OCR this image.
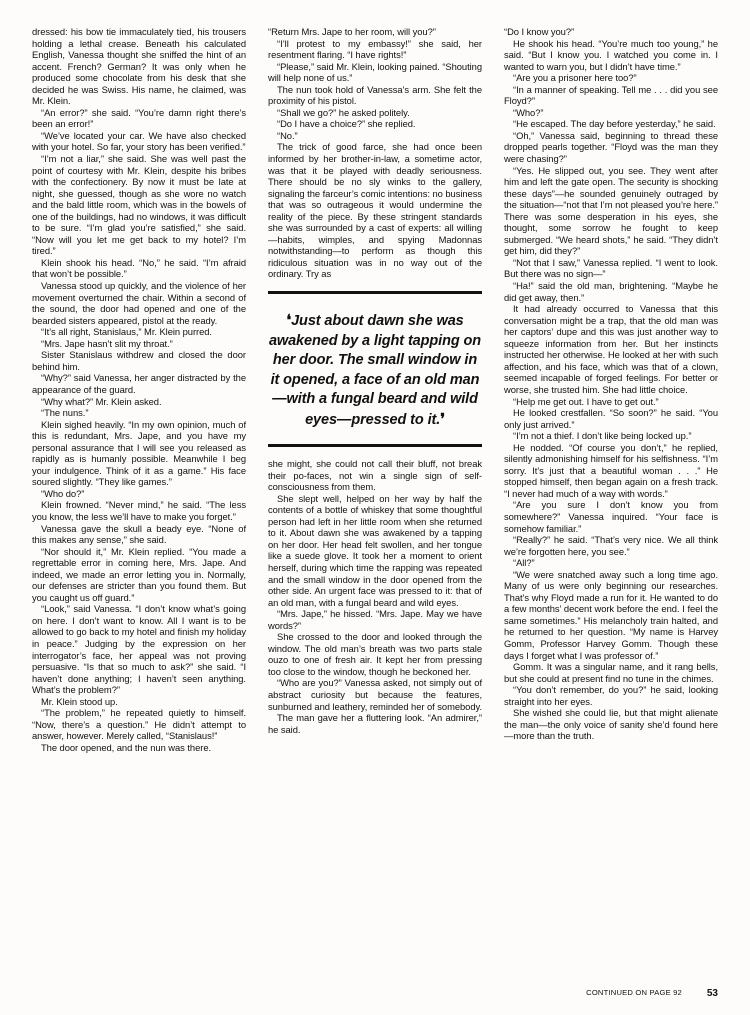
dressed: his bow tie immaculately tied, his trousers holding a lethal crease. Beneath his calculated English, Vanessa thought she sniffed the hint of an accent. French? German? It was only when he produced some chocolate from his desk that she decided he was Swiss. His name, he claimed, was Mr. Klein.

“An error?” she said. “You’re damn right there’s been an error!”

“We’ve located your car. We have also checked with your hotel. So far, your story has been verified.”

“I’m not a liar,” she said. She was well past the point of courtesy with Mr. Klein, despite his bribes with the confectionery. By now it must be late at night, she guessed, though as she wore no watch and the bald little room, which was in the bowels of one of the buildings, had no windows, it was difficult to be sure. “I’m glad you’re satisfied,” she said. “Now will you let me get back to my hotel? I’m tired.”

Klein shook his head. “No,” he said. “I’m afraid that won’t be possible.”

Vanessa stood up quickly, and the violence of her movement overturned the chair. Within a second of the sound, the door had opened and one of the bearded sisters appeared, pistol at the ready.

“It’s all right, Stanislaus,” Mr. Klein purred.

“Mrs. Jape hasn’t slit my throat.”

Sister Stanislaus withdrew and closed the door behind him.

“Why?” said Vanessa, her anger distracted by the appearance of the guard.

“Why what?” Mr. Klein asked.

“The nuns.”

Klein sighed heavily. “In my own opinion, much of this is redundant, Mrs. Jape, and you have my personal assurance that I will see you released as rapidly as is humanly possible. Meanwhile I beg your indulgence. Think of it as a game.” His face soured slightly. “They like games.”

“Who do?”

Klein frowned. “Never mind,” he said. “The less you know, the less we’ll have to make you forget.”

Vanessa gave the skull a beady eye. “None of this makes any sense,” she said.

“Nor should it,” Mr. Klein replied. “You made a regrettable error in coming here, Mrs. Jape. And indeed, we made an error letting you in. Normally, our defenses are stricter than you found them. But you caught us off guard.”

“Look,” said Vanessa. “I don’t know what’s going on here. I don’t want to know. All I want is to be allowed to go back to my hotel and finish my holiday in peace.” Judging by the expression on her interrogator’s face, her appeal was not proving persuasive. “Is that so much to ask?” she said. “I haven’t done anything; I haven’t seen anything. What’s the problem?”

Mr. Klein stood up.

“The problem,” he repeated quietly to himself. “Now, there’s a question.” He didn’t attempt to answer, however. Merely called, “Stanislaus!”

The door opened, and the nun was there.

“Return Mrs. Jape to her room, will you?”

“I’ll protest to my embassy!” she said, her resentment flaring. “I have rights!”

“Please,” said Mr. Klein, looking pained. “Shouting will help none of us.”

The nun took hold of Vanessa’s arm. She felt the proximity of his pistol.

“Shall we go?” he asked politely.

“Do I have a choice?” she replied.

“No.”

The trick of good farce, she had once been informed by her brother-in-law, a sometime actor, was that it be played with deadly seriousness. There should be no sly winks to the gallery, signaling the farceur’s comic intentions: no business that was so outrageous it would undermine the reality of the piece. By these stringent standards she was surrounded by a cast of experts: all willing—habits, wimples, and spying Madonnas notwithstanding—to perform as though this ridiculous situation was in no way out of the ordinary. Try as

❛Just about dawn she was awakened by a light tapping on her door. The small window in it opened, a face of an old man—with a fungal beard and wild eyes—pressed to it.❜

she might, she could not call their bluff, not break their po-faces, not win a single sign of self-consciousness from them.

She slept well, helped on her way by half the contents of a bottle of whiskey that some thoughtful person had left in her little room when she returned to it. About dawn she was awakened by a tapping on her door. Her head felt swollen, and her tongue like a suede glove. It took her a moment to orient herself, during which time the rapping was repeated and the small window in the door opened from the other side. An urgent face was pressed to it: that of an old man, with a fungal beard and wild eyes.

“Mrs. Jape,” he hissed. “Mrs. Jape. May we have words?”

She crossed to the door and looked through the window. The old man’s breath was two parts stale ouzo to one of fresh air. It kept her from pressing too close to the window, though he beckoned her.

“Who are you?” Vanessa asked, not simply out of abstract curiosity but because the features, sunburned and leathery, reminded her of somebody.

The man gave her a fluttering look. “An admirer,” he said.

“Do I know you?”

He shook his head. “You’re much too young,” he said. “But I know you. I watched you come in. I wanted to warn you, but I didn’t have time.”

“Are you a prisoner here too?”

“In a manner of speaking. Tell me . . . did you see Floyd?”

“Who?”

“He escaped. The day before yesterday,” he said.

“Oh,” Vanessa said, beginning to thread these dropped pearls together. “Floyd was the man they were chasing?”

“Yes. He slipped out, you see. They went after him and left the gate open. The security is shocking these days”—he sounded genuinely outraged by the situation—“not that I’m not pleased you’re here.” There was some desperation in his eyes, she thought, some sorrow he fought to keep submerged. “We heard shots,” he said. “They didn’t get him, did they?”

“Not that I saw,” Vanessa replied. “I went to look. But there was no sign—”

“Ha!” said the old man, brightening. “Maybe he did get away, then.”

It had already occurred to Vanessa that this conversation might be a trap, that the old man was her captors’ dupe and this was just another way to squeeze information from her. But her instincts instructed her otherwise. He looked at her with such affection, and his face, which was that of a clown, seemed incapable of forged feelings. For better or worse, she trusted him. She had little choice.

“Help me get out. I have to get out.”

He looked crestfallen. “So soon?” he said. “You only just arrived.”

“I’m not a thief. I don’t like being locked up.”

He nodded. “Of course you don’t,” he replied, silently admonishing himself for his selfishness. “I’m sorry. It’s just that a beautiful woman . . .” He stopped himself, then began again on a fresh track. “I never had much of a way with words.”

“Are you sure I don’t know you from somewhere?” Vanessa inquired. “Your face is somehow familiar.”

“Really?” he said. “That’s very nice. We all think we’re forgotten here, you see.”

“All?”

“We were snatched away such a long time ago. Many of us were only beginning our researches. That’s why Floyd made a run for it. He wanted to do a few months’ decent work before the end. I feel the same sometimes.” His melancholy train halted, and he returned to her question. “My name is Harvey Gomm, Professor Harvey Gomm. Though these days I forget what I was professor of.”

Gomm. It was a singular name, and it rang bells, but she could at present find no tune in the chimes.

“You don’t remember, do you?” he said, looking straight into her eyes.

She wished she could lie, but that might alienate the man—the only voice of sanity she’d found here—more than the truth.

CONTINUED ON PAGE 92 53
